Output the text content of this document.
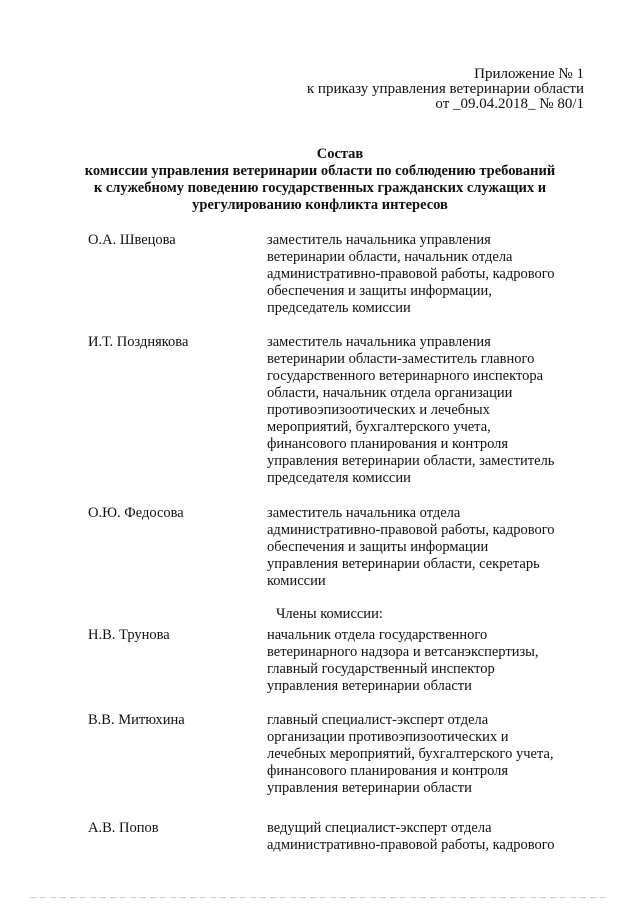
Приложение № 1
к приказу управления ветеринарии области
от _09.04.2018_ № 80/1
Состав
комиссии управления ветеринарии области по соблюдению требований
к служебному поведению государственных гражданских служащих и
урегулированию конфликта интересов
О.А. Швецова	заместитель начальника управления
ветеринарии области, начальник отдела
административно-правовой работы, кадрового
обеспечения и защиты информации,
председатель комиссии
И.Т. Позднякова	заместитель начальника управления
ветеринарии области-заместитель главного
государственного ветеринарного инспектора
области, начальник отдела организации
противоэпизоотических и лечебных
мероприятий, бухгалтерского учета,
финансового планирования и контроля
управления ветеринарии области, заместитель
председателя комиссии
О.Ю. Федосова	заместитель начальника отдела
административно-правовой работы, кадрового
обеспечения и защиты информации
управления ветеринарии области, секретарь
комиссии
Члены комиссии:
Н.В. Трунова	начальник отдела государственного
ветеринарного надзора и ветсанэкспертизы,
главный государственный инспектор
управления ветеринарии области
В.В. Митюхина	главный специалист-эксперт отдела
организации противоэпизоотических и
лечебных мероприятий, бухгалтерского учета,
финансового планирования и контроля
управления ветеринарии области
А.В. Попов	ведущий специалист-эксперт отдела
административно-правовой работы, кадрового
